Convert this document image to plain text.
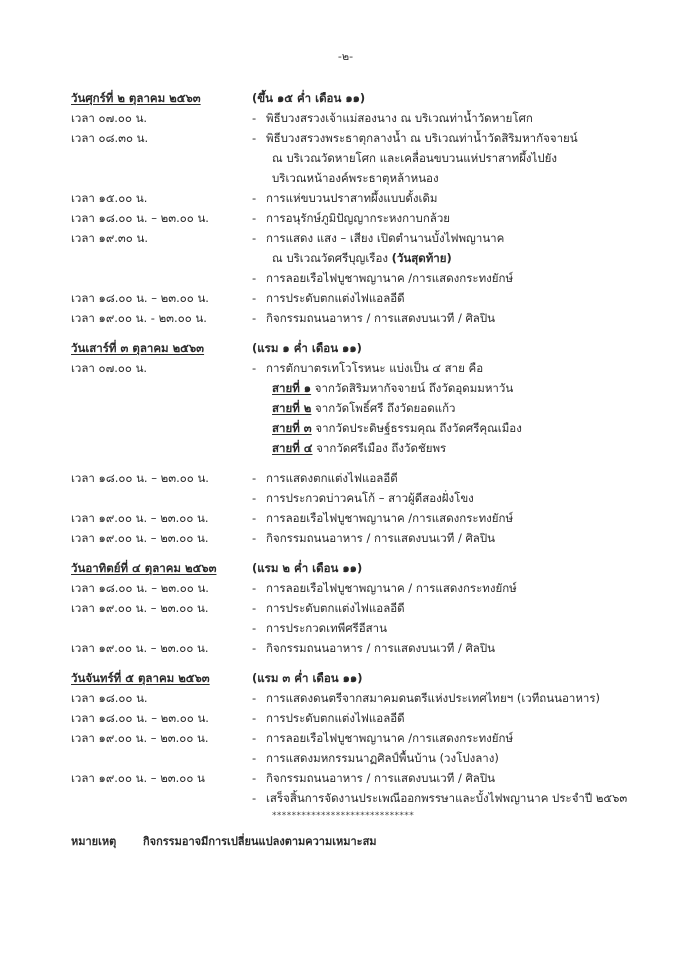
-๒-
วันศุกร์ที่ ๒ ตุลาคม ๒๕๖๓	(ขึ้น ๑๕ ค่ำ เดือน ๑๑)
เวลา ๐๗.๐๐ น.	- พิธีบวงสรวงเจ้าแม่สองนาง ณ บริเวณท่าน้ำวัดหายโศก
เวลา ๐๘.๓๐ น.	- พิธีบวงสรวงพระธาตุกลางน้ำ ณ บริเวณท่าน้ำวัดสิริมหากัจจายน์
ณ บริเวณวัดหายโศก และเคลื่อนขบวนแห่ปราสาทผึ้งไปยัง
บริเวณหน้าองค์พระธาตุหล้าหนอง
เวลา ๑๕.๐๐ น.	- การแห่ขบวนปราสาทผึ้งแบบดั้งเดิม
เวลา ๑๘.๐๐ น. – ๒๓.๐๐ น.	- การอนุรักษ์ภูมิปัญญากระหงกาบกล้วย
เวลา ๑๙.๓๐ น.	- การแสดง แสง – เสียง เปิดตำนานบั้งไฟพญานาค
ณ บริเวณวัดศรีบุญเรือง (วันสุดท้าย)
- การลอยเรือไฟบูชาพญานาค /การแสดงกระทงยักษ์
เวลา ๑๘.๐๐ น. – ๒๓.๐๐ น.	- การประดับตกแต่งไฟแอลอีดี
เวลา ๑๙.๐๐ น. - ๒๓.๐๐ น.	- กิจกรรมถนนอาหาร / การแสดงบนเวที / ศิลปิน
วันเสาร์ที่ ๓ ตุลาคม ๒๕๖๓	(แรม ๑ ค่ำ เดือน ๑๑)
เวลา ๐๗.๐๐ น.	- การตักบาตรเทโวโรหนะ แบ่งเป็น ๔ สาย คือ
สายที่ ๑ จากวัดสิริมหากัจจายน์ ถึงวัดอุดมมหาวัน
สายที่ ๒ จากวัดโพธิ์ศรี ถึงวัดยอดแก้ว
สายที่ ๓ จากวัดประดิษฐ์ธรรมคุณ ถึงวัดศรีคุณเมือง
สายที่ ๔ จากวัดศรีเมือง ถึงวัดชัยพร
เวลา ๑๘.๐๐ น. – ๒๓.๐๐ น.	- การแสดงตกแต่งไฟแอลอีดี
- การประกวดบ่าวคนโก้ – สาวผู้ดีสองฝั่งโขง
เวลา ๑๙.๐๐ น. – ๒๓.๐๐ น.	- การลอยเรือไฟบูชาพญานาค /การแสดงกระทงยักษ์
เวลา ๑๙.๐๐ น. – ๒๓.๐๐ น.	- กิจกรรมถนนอาหาร / การแสดงบนเวที / ศิลปิน
วันอาทิตย์ที่ ๔ ตุลาคม ๒๕๖๓	(แรม ๒ ค่ำ เดือน ๑๑)
เวลา ๑๘.๐๐ น. – ๒๓.๐๐ น.	- การลอยเรือไฟบูชาพญานาค / การแสดงกระทงยักษ์
เวลา ๑๙.๐๐ น. – ๒๓.๐๐ น.	- การประดับตกแต่งไฟแอลอีดี
- การประกวดเทพีศรีอีสาน
เวลา ๑๙.๐๐ น. – ๒๓.๐๐ น.	- กิจกรรมถนนอาหาร / การแสดงบนเวที / ศิลปิน
วันจันทร์ที่ ๕ ตุลาคม ๒๕๖๓	(แรม ๓ ค่ำ เดือน ๑๑)
เวลา ๑๘.๐๐ น.	- การแสดงดนตรีจากสมาคมดนตรีแห่งประเทศไทยฯ (เวทีถนนอาหาร)
เวลา ๑๘.๐๐ น. – ๒๓.๐๐ น.	- การประดับตกแต่งไฟแอลอีดี
เวลา ๑๙.๐๐ น. – ๒๓.๐๐ น.	- การลอยเรือไฟบูชาพญานาค /การแสดงกระทงยักษ์
- การแสดงมหกรรมนาฏศิลป์พื้นบ้าน (วงโปงลาง)
เวลา ๑๙.๐๐ น. – ๒๓.๐๐ น	- กิจกรรมถนนอาหาร / การแสดงบนเวที / ศิลปิน
- เสร็จสิ้นการจัดงานประเพณีออกพรรษาและบั้งไฟพญานาค ประจำปี ๒๕๖๓
*****************************
หมายเหตุ กิจกรรมอาจมีการเปลี่ยนแปลงตามความเหมาะสม
